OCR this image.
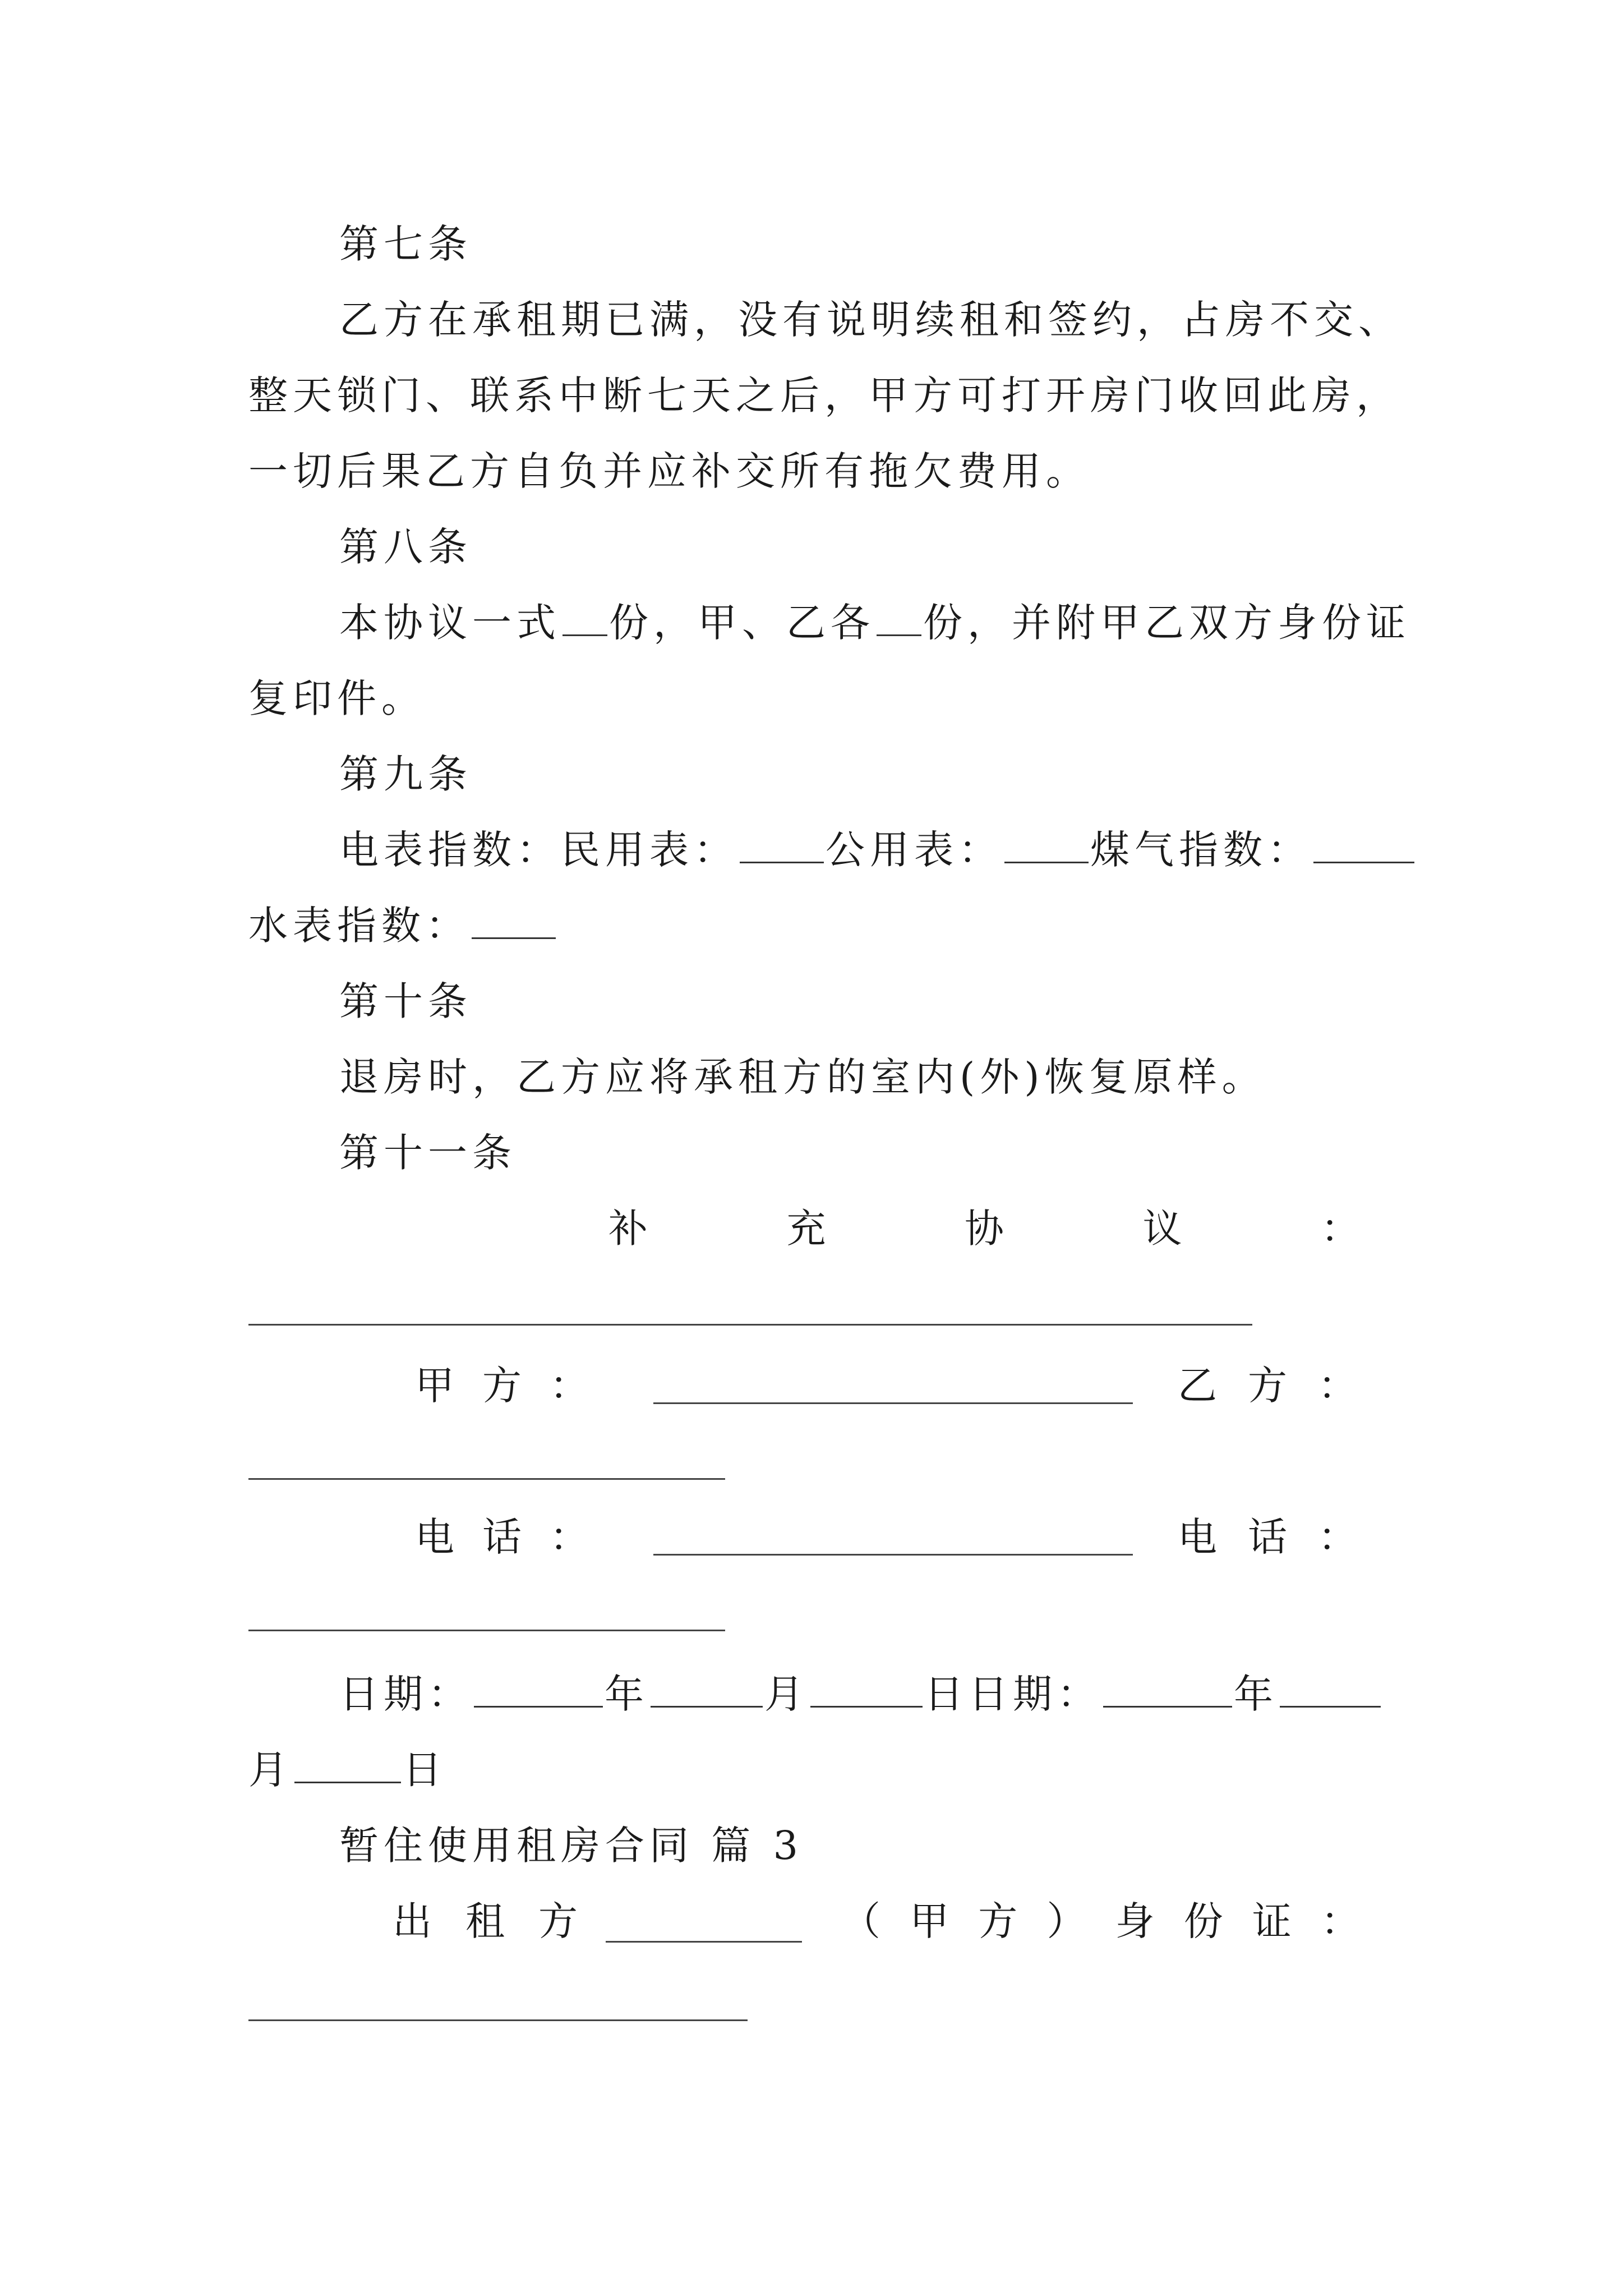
第七条
乙方在承租期已满，没有说明续租和签约，占房不交、
整天锁门、联系中断七天之后，甲方可打开房门收回此房，
一切后果乙方自负并应补交所有拖欠费用。
第八条
本协议一式 份，甲、乙各 份，并附甲乙双方身份证
复印件。
第九条
电表指数：民用表： 公用表： 煤气指数：
水表指数：
第十条
退房时，乙方应将承租方的室内(外)恢复原样。
第十一条
补	充	协	议	：
甲 方 ：	乙 方 ：
电 话 ：	电 话 ：
日期：	年	月	日日期：	年
月	日
暂住使用租房合同 篇 3
出 租 方	（ 甲 方 ） 身 份 证 ：
